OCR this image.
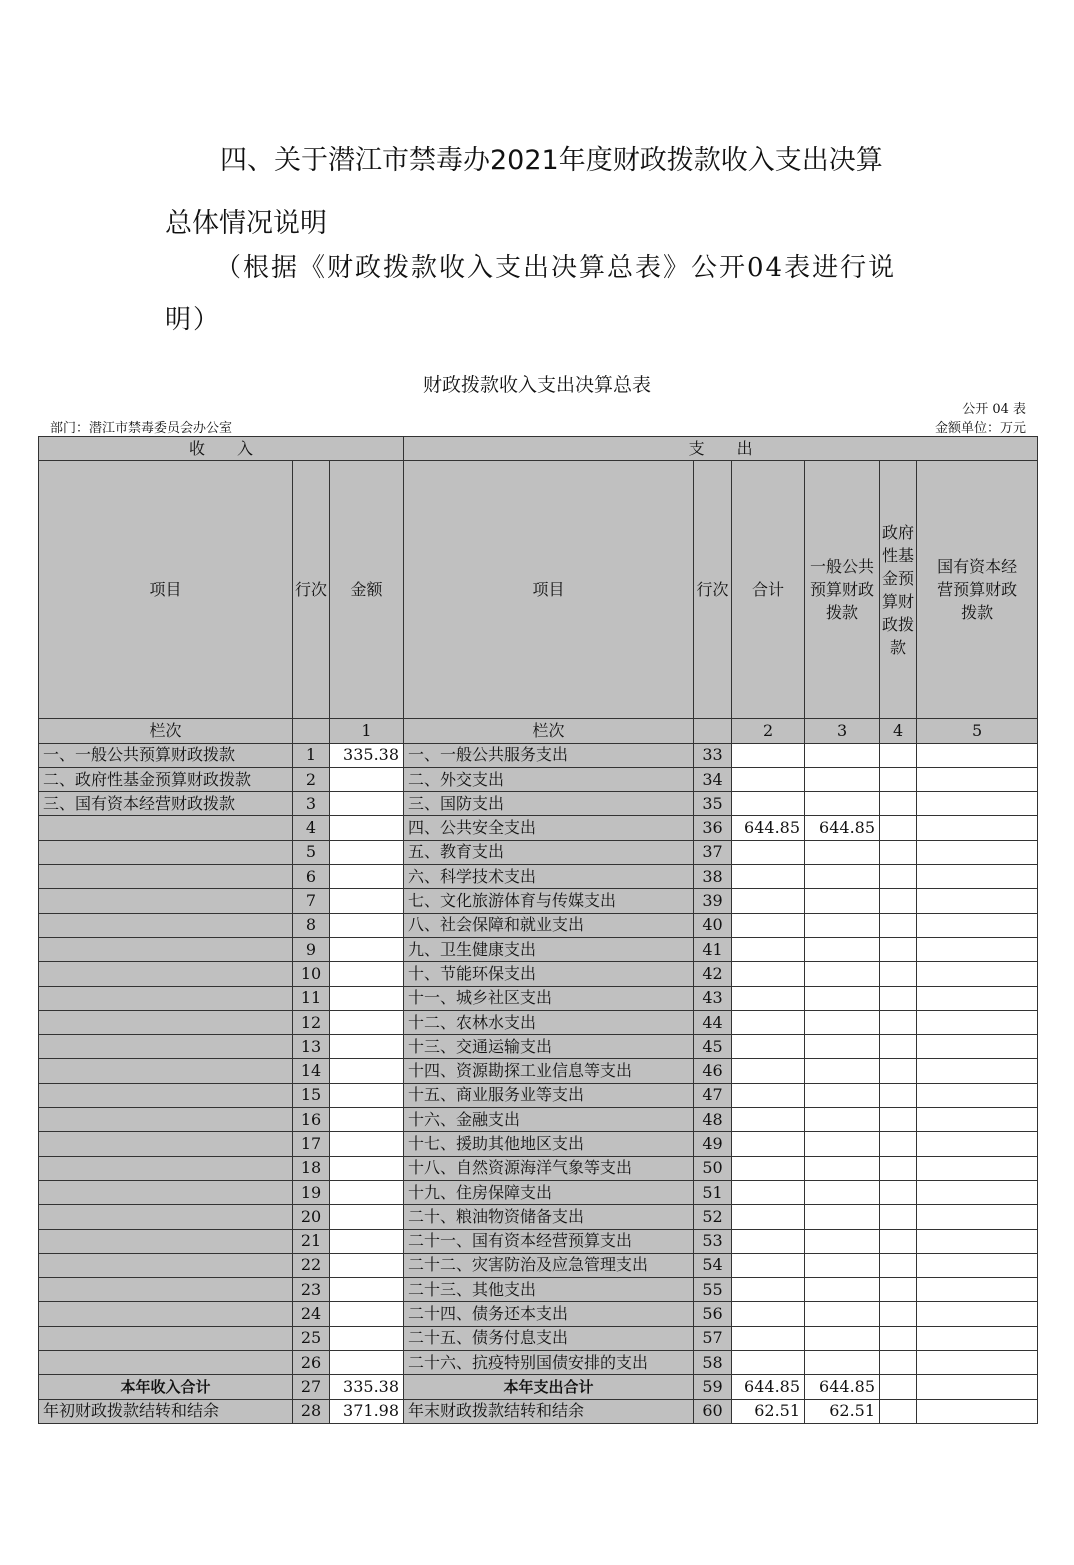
四、关于潜江市禁毒办2021年度财政拨款收入支出决算
总体情况说明
（根据《财政拨款收入支出决算总表》公开04表进行说
明）
财政拨款收入支出决算总表
公开 04 表
部门：潜江市禁毒委员会办公室	金额单位：万元
收　　入			支　　出					
项目	行次	金额	项目	行次	合计	一般公共预算财政拨款	政府性基金预算财政拨款	国有资本经营预算财政拨款
栏次		1	栏次		2	3	4	5
一、一般公共预算财政拨款	1	335.38	一、一般公共服务支出	33				
二、政府性基金预算财政拨款	2		二、外交支出	34				
三、国有资本经营财政拨款	3		三、国防支出	35				
	4		四、公共安全支出	36	644.85	644.85		
	5		五、教育支出	37				
	6		六、科学技术支出	38				
	7		七、文化旅游体育与传媒支出	39				
	8		八、社会保障和就业支出	40				
	9		九、卫生健康支出	41				
	10		十、节能环保支出	42				
	11		十一、城乡社区支出	43				
	12		十二、农林水支出	44				
	13		十三、交通运输支出	45				
	14		十四、资源勘探工业信息等支出	46				
	15		十五、商业服务业等支出	47				
	16		十六、金融支出	48				
	17		十七、援助其他地区支出	49				
	18		十八、自然资源海洋气象等支出	50				
	19		十九、住房保障支出	51				
	20		二十、粮油物资储备支出	52				
	21		二十一、国有资本经营预算支出	53				
	22		二十二、灾害防治及应急管理支出	54				
	23		二十三、其他支出	55				
	24		二十四、债务还本支出	56				
	25		二十五、债务付息支出	57				
	26		二十六、抗疫特别国债安排的支出	58				
本年收入合计	27	335.38	本年支出合计	59	644.85	644.85		
年初财政拨款结转和结余	28	371.98	年末财政拨款结转和结余	60	62.51	62.51		
